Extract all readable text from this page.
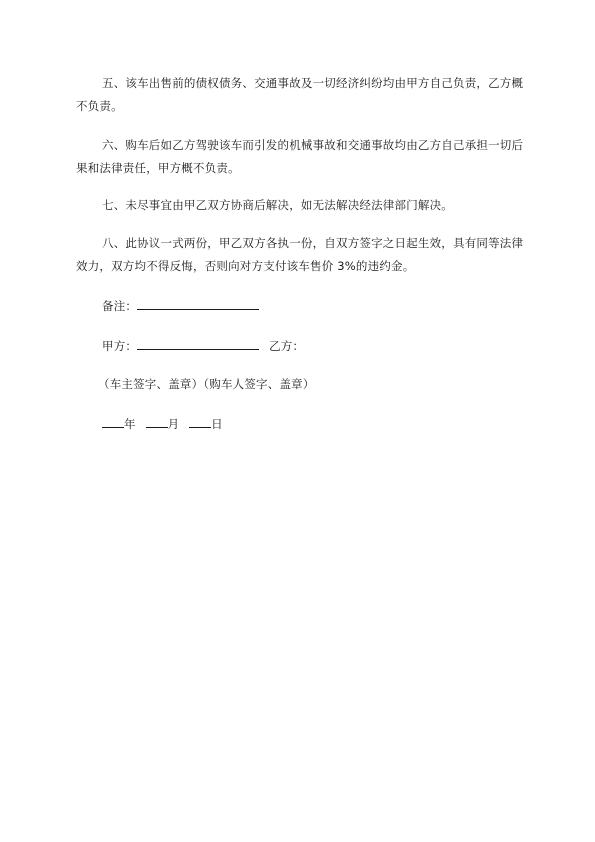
五、该车出售前的债权债务、交通事故及一切经济纠纷均由甲方自己负责，乙方概不负责。

六、购车后如乙方驾驶该车而引发的机械事故和交通事故均由乙方自己承担一切后果和法律责任，甲方概不负责。

七、未尽事宜由甲乙双方协商后解决，如无法解决经法律部门解决。

八、此协议一式两份，甲乙双方各执一份，自双方签字之日起生效，具有同等法律效力，双方均不得反悔，否则向对方支付该车售价 3%的违约金。

备注：
甲方：	乙方：
（车主签字、盖章）（购车人签字、盖章）
年	月	日
